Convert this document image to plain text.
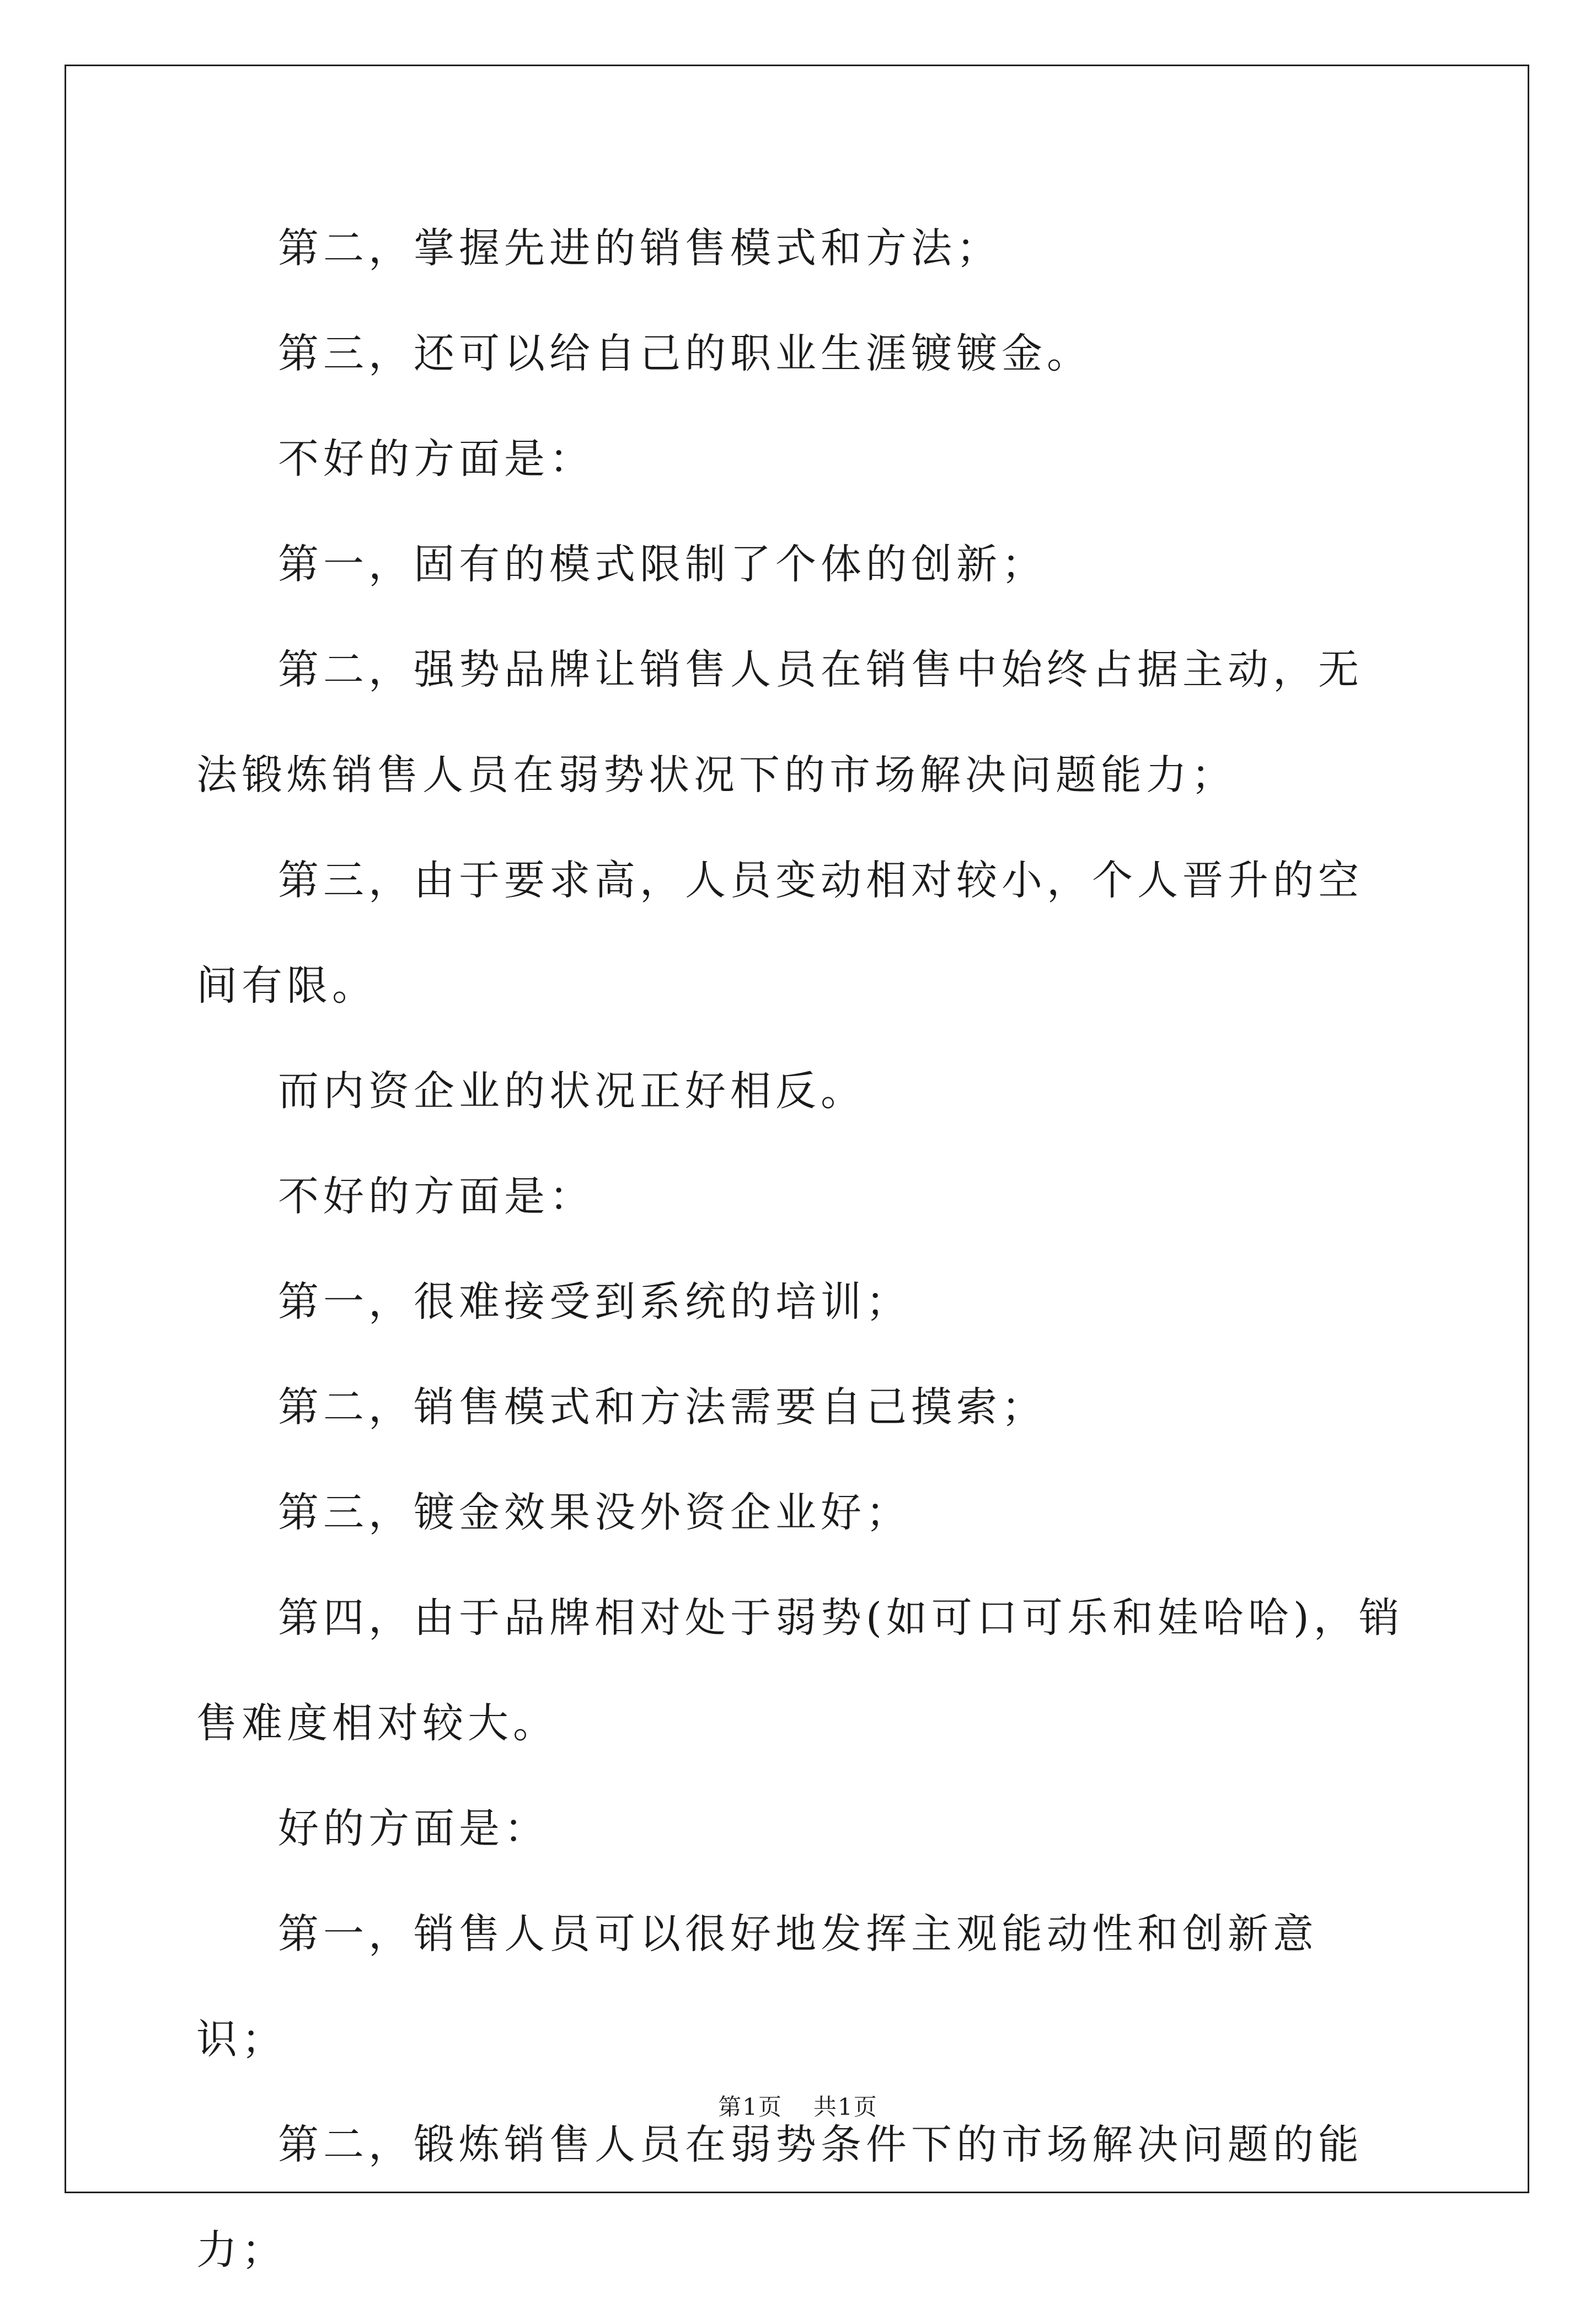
第二，掌握先进的销售模式和方法；

第三，还可以给自己的职业生涯镀镀金。

不好的方面是：

第一，固有的模式限制了个体的创新；

第二，强势品牌让销售人员在销售中始终占据主动，无法锻炼销售人员在弱势状况下的市场解决问题能力；

第三，由于要求高，人员变动相对较小，个人晋升的空间有限。

而内资企业的状况正好相反。

不好的方面是：

第一，很难接受到系统的培训；

第二，销售模式和方法需要自己摸索；

第三，镀金效果没外资企业好；

第四，由于品牌相对处于弱势(如可口可乐和娃哈哈)，销售难度相对较大。

好的方面是：

第一，销售人员可以很好地发挥主观能动性和创新意识；

第二，锻炼销售人员在弱势条件下的市场解决问题的能力；

第1页 共1页
